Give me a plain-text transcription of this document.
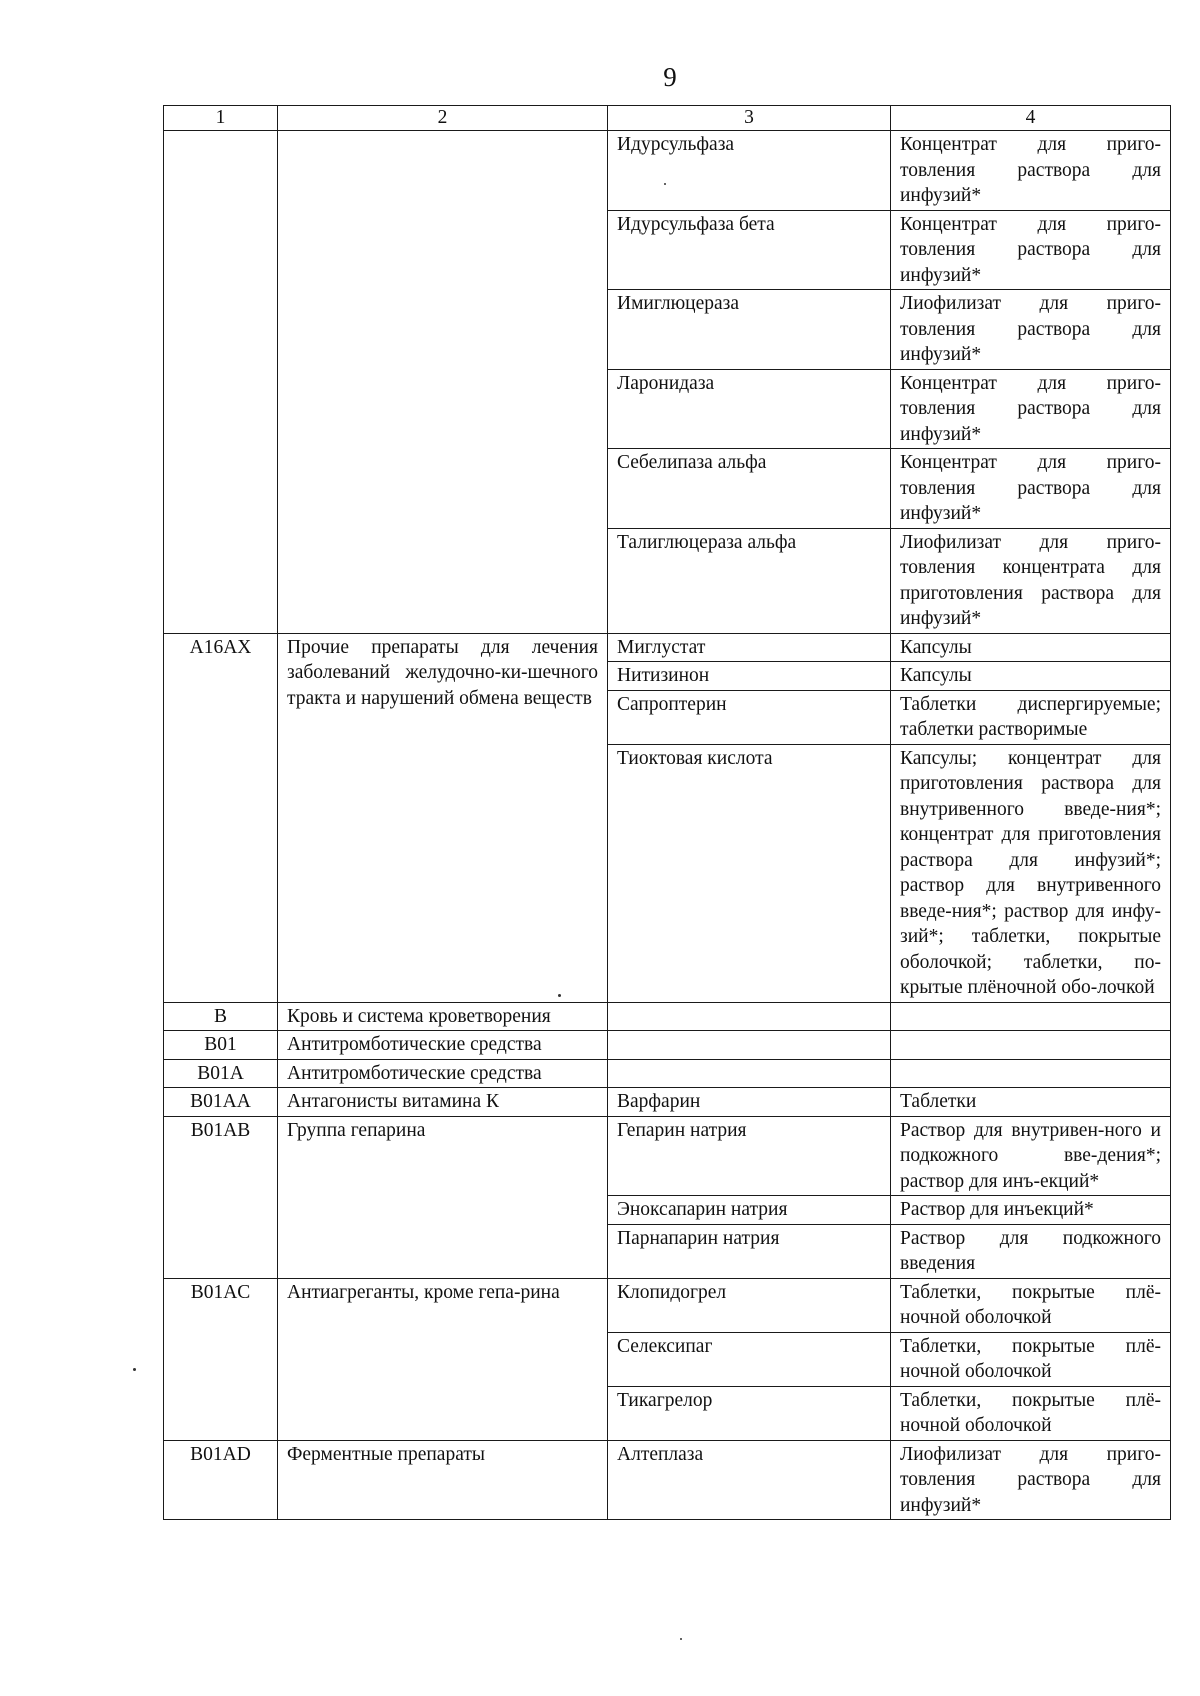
9
1	2	3	4
		Идурсульфаза	Концентрат для приго-товления раствора для инфузий*
		Идурсульфаза бета	Концентрат для приго-товления раствора для инфузий*
		Имиглюцераза	Лиофилизат для приго-товления раствора для инфузий*
		Ларонидаза	Концентрат для приго-товления раствора для инфузий*
		Себелипаза альфа	Концентрат для приго-товления раствора для инфузий*
		Талиглюцераза альфа	Лиофилизат для приго-товления концентрата для приготовления раствора для инфузий*
A16AX	Прочие препараты для лечения заболеваний желудочно-ки-шечного тракта и нарушений обмена веществ	Миглустат	Капсулы
		Нитизинон	Капсулы
		Сапроптерин	Таблетки диспергируемые; таблетки растворимые
		Тиоктовая кислота	Капсулы; концентрат для приготовления раствора для внутривенного введе-ния*; концентрат для приготовления раствора для инфузий*; раствор для внутривенного введе-ния*; раствор для инфу-зий*; таблетки, покрытые оболочкой; таблетки, по-крытые плёночной обо-лочкой
B	Кровь и система кроветворения		
B01	Антитромботические средства		
B01A	Антитромботические средства		
B01AA	Антагонисты витамина К	Варфарин	Таблетки
B01AB	Группа гепарина	Гепарин натрия	Раствор для внутривен-ного и подкожного вве-дения*; раствор для инъ-екций*
		Эноксапарин натрия	Раствор для инъекций*
		Парнапарин натрия	Раствор для подкожного введения
B01AC	Антиагреганты, кроме гепа-рина	Клопидогрел	Таблетки, покрытые плё-ночной оболочкой
		Селексипаг	Таблетки, покрытые плё-ночной оболочкой
		Тикагрелор	Таблетки, покрытые плё-ночной оболочкой
B01AD	Ферментные препараты	Алтеплаза	Лиофилизат для приго-товления раствора для инфузий*
